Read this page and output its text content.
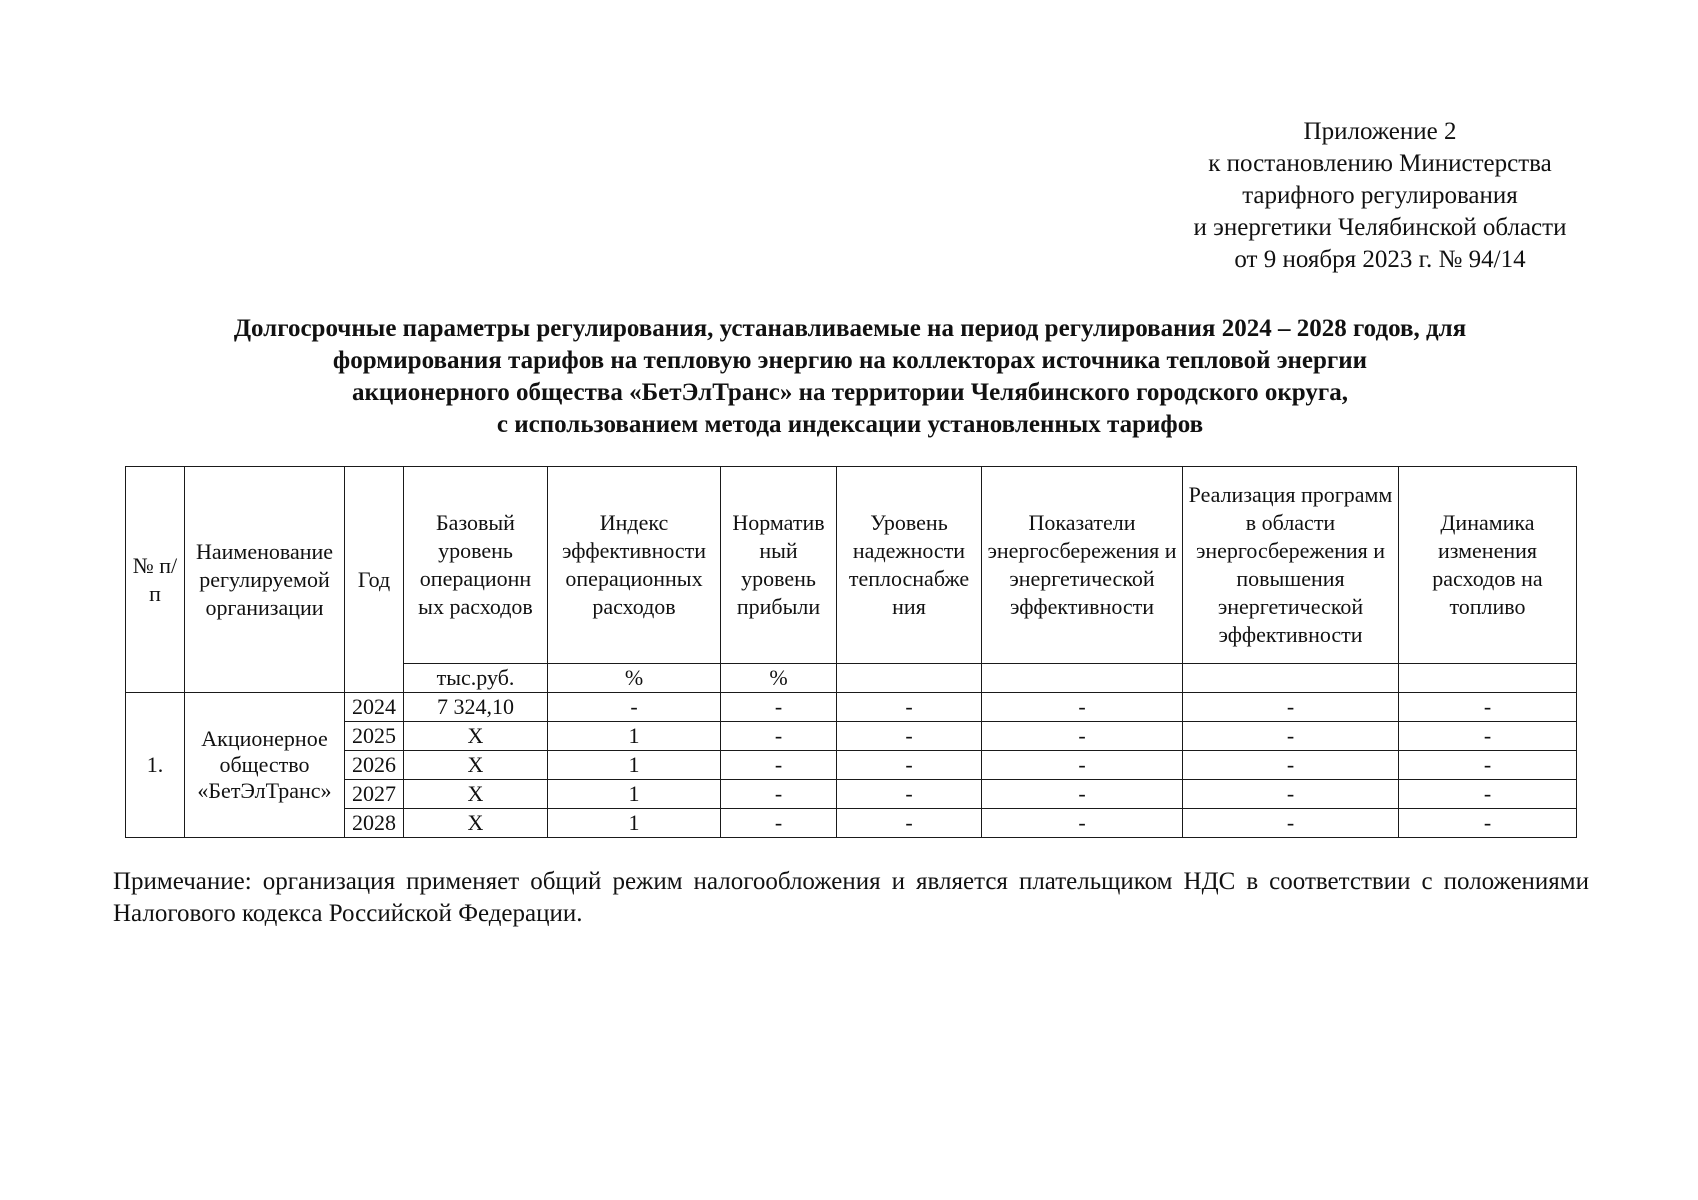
Приложение 2
к постановлению Министерства
тарифного регулирования
и энергетики Челябинской области
от 9 ноября 2023 г. № 94/14
Долгосрочные параметры регулирования, устанавливаемые на период регулирования 2024 – 2028 годов, для
формирования тарифов на тепловую энергию на коллекторах источника тепловой энергии
акционерного общества «БетЭлТранс» на территории Челябинского городского округа,
с использованием метода индексации установленных тарифов
№ п/п	Наименование регулируемой организации	Год	Базовый уровень операционн ых расходов	Индекс эффективности операционных расходов	Норматив ный уровень прибыли	Уровень надежности теплоснабже ния	Показатели энергосбережения и энергетической эффективности	Реализация программ в области энергосбережения и повышения энергетической эффективности	Динамика изменения расходов на топливо
			тыс.руб.	%	%				
1.	Акционерное общество «БетЭлТранс»	2024	7 324,10	-	-	-	-	-	-
		2025	Х	1	-	-	-	-	-
		2026	Х	1	-	-	-	-	-
		2027	Х	1	-	-	-	-	-
		2028	Х	1	-	-	-	-	-
Примечание: организация применяет общий режим налогообложения и является плательщиком НДС в соответствии с положениями Налогового кодекса Российской Федерации.
